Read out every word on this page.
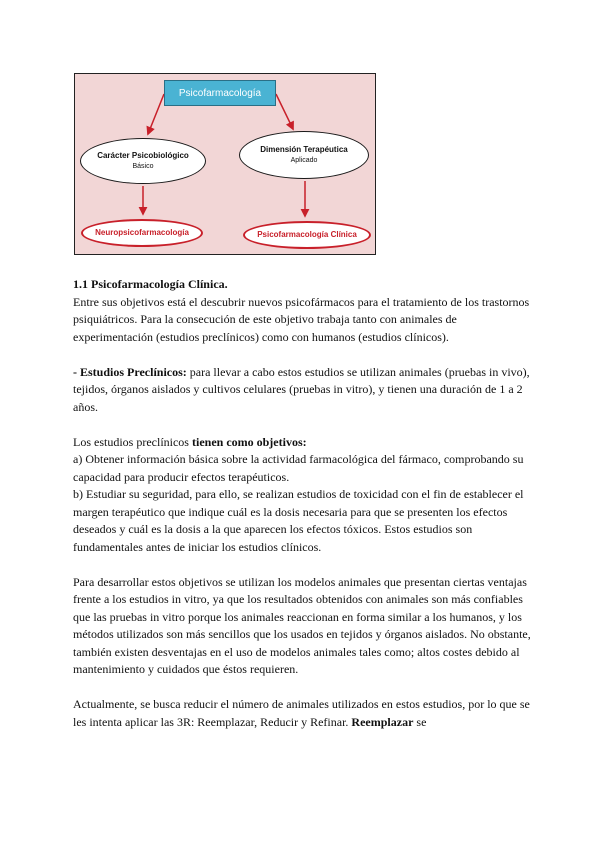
Psicofarmacología
Carácter Psicobiológico
Básico
Dimensión Terapéutica
Aplicado
Neuropsicofarmacología	Psicofarmacología Clínica

1.1 Psicofarmacología Clínica.

Entre sus objetivos está el descubrir nuevos psicofármacos para el tratamiento de los trastornos psiquiátricos. Para la consecución de este objetivo trabaja tanto con animales de experimentación (estudios preclínicos) como con humanos (estudios clínicos).

- Estudios Preclínicos: para llevar a cabo estos estudios se utilizan animales (pruebas in vivo), tejidos, órganos aislados y cultivos celulares (pruebas in vitro), y tienen una duración de 1 a 2 años.

Los estudios preclínicos tienen como objetivos:

a) Obtener información básica sobre la actividad farmacológica del fármaco, comprobando su capacidad para producir efectos terapéuticos.

b) Estudiar su seguridad, para ello, se realizan estudios de toxicidad con el fin de establecer el margen terapéutico que indique cuál es la dosis necesaria para que se presenten los efectos deseados y cuál es la dosis a la que aparecen los efectos tóxicos. Estos estudios son fundamentales antes de iniciar los estudios clínicos.

Para desarrollar estos objetivos se utilizan los modelos animales que presentan ciertas ventajas frente a los estudios in vitro, ya que los resultados obtenidos con animales son más confiables que las pruebas in vitro porque los animales reaccionan en forma similar a los humanos, y los métodos utilizados son más sencillos que los usados en tejidos y órganos aislados. No obstante, también existen desventajas en el uso de modelos animales tales como; altos costes debido al mantenimiento y cuidados que éstos requieren.

Actualmente, se busca reducir el número de animales utilizados en estos estudios, por lo que se les intenta aplicar las 3R: Reemplazar, Reducir y Refinar. Reemplazar se
